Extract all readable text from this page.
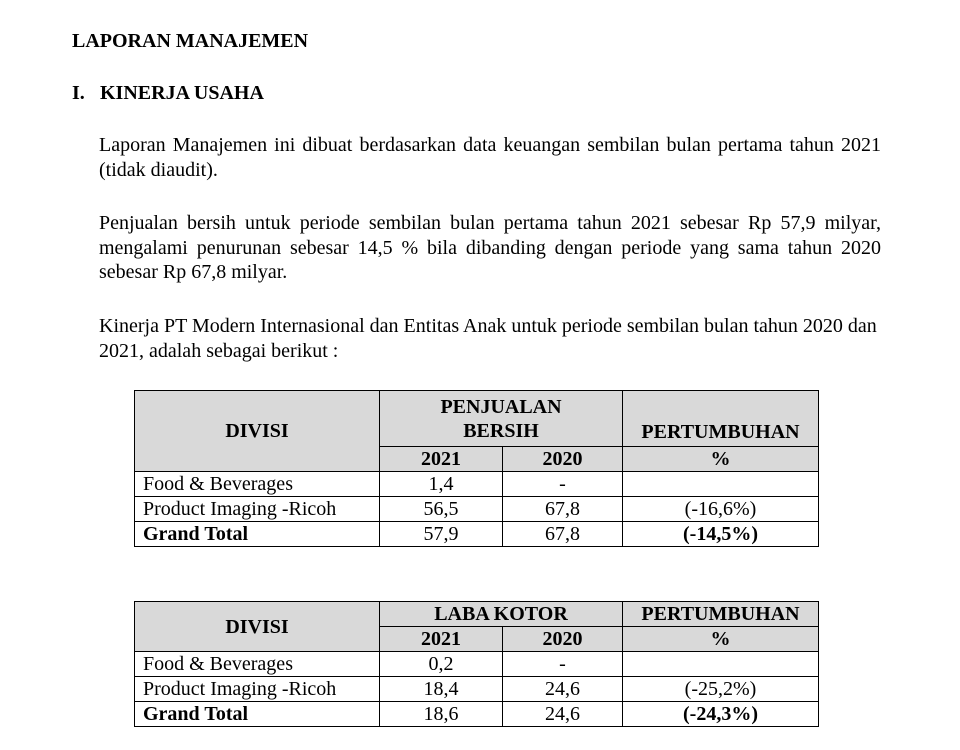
LAPORAN MANAJEMEN
I. KINERJA USAHA
Laporan Manajemen ini dibuat berdasarkan data keuangan sembilan bulan pertama tahun 2021 (tidak diaudit).
Penjualan bersih untuk periode sembilan bulan pertama tahun 2021 sebesar Rp 57,9 milyar, mengalami penurunan sebesar 14,5 % bila dibanding dengan periode yang sama tahun 2020 sebesar Rp 67,8 milyar.
Kinerja PT Modern Internasional dan Entitas Anak untuk periode sembilan bulan tahun 2020 dan 2021, adalah sebagai berikut :
DIVISI	PENJUALAN BERSIH		PERTUMBUHAN
	2021	2020	%
Food & Beverages	1,4	-	
Product Imaging -Ricoh	56,5	67,8	(-16,6%)
Grand Total	57,9	67,8	(-14,5%)
DIVISI	LABA KOTOR		PERTUMBUHAN
	2021	2020	%
Food & Beverages	0,2	-	
Product Imaging -Ricoh	18,4	24,6	(-25,2%)
Grand Total	18,6	24,6	(-24,3%)
